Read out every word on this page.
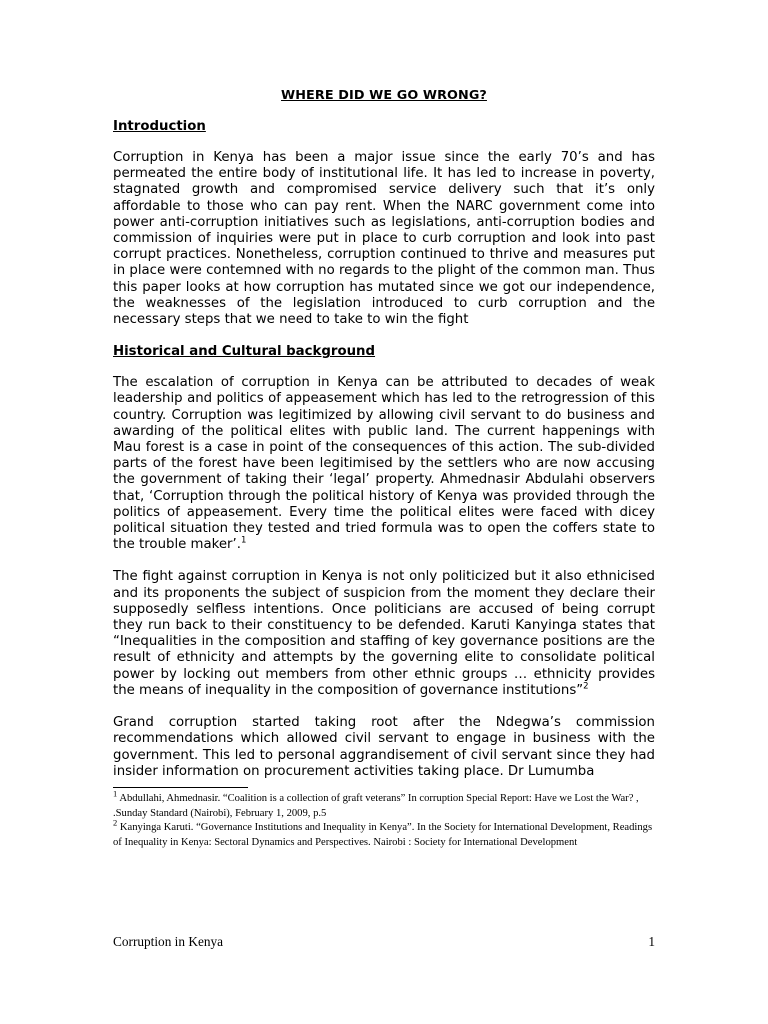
WHERE DID WE GO WRONG?
Introduction

Corruption in Kenya has been a major issue since the early 70’s and has permeated the entire body of institutional life. It has led to increase in poverty, stagnated growth and compromised service delivery such that it’s only affordable to those who can pay rent. When the NARC government come into power anti-corruption initiatives such as legislations, anti-corruption bodies and commission of inquiries were put in place to curb corruption and look into past corrupt practices. Nonetheless, corruption continued to thrive and measures put in place were contemned with no regards to the plight of the common man. Thus this paper looks at how corruption has mutated since we got our independence, the weaknesses of the legislation introduced to curb corruption and the necessary steps that we need to take to win the fight

Historical and Cultural background

The escalation of corruption in Kenya can be attributed to decades of weak leadership and politics of appeasement which has led to the retrogression of this country. Corruption was legitimized by allowing civil servant to do business and awarding of the political elites with public land. The current happenings with Mau forest is a case in point of the consequences of this action. The sub-divided parts of the forest have been legitimised by the settlers who are now accusing the government of taking their ‘legal’ property. Ahmednasir Abdulahi observers that, ‘Corruption through the political history of Kenya was provided through the politics of appeasement. Every time the political elites were faced with dicey political situation they tested and tried formula was to open the coffers state to the trouble maker’.$^1$

The fight against corruption in Kenya is not only politicized but it also ethnicised and its proponents the subject of suspicion from the moment they declare their supposedly selfless intentions. Once politicians are accused of being corrupt they run back to their constituency to be defended. Karuti Kanyinga states that “Inequalities in the composition and staffing of key governance positions are the result of ethnicity and attempts by the governing elite to consolidate political power by locking out members from other ethnic groups … ethnicity provides the means of inequality in the composition of governance institutions”$^2$

Grand corruption started taking root after the Ndegwa’s commission recommendations which allowed civil servant to engage in business with the government. This led to personal aggrandisement of civil servant since they had insider information on procurement activities taking place. Dr Lumumba

$^1$ Abdullahi, Ahmednasir. “Coalition is a collection of graft veterans” In corruption Special Report: Have we Lost the War? , .Sunday Standard (Nairobi), February 1, 2009, p.5

$^2$ Kanyinga Karuti. “Governance Institutions and Inequality in Kenya”. In the Society for International Development, Readings of Inequality in Kenya: Sectoral Dynamics and Perspectives. Nairobi : Society for International Development

Corruption in Kenya	1
